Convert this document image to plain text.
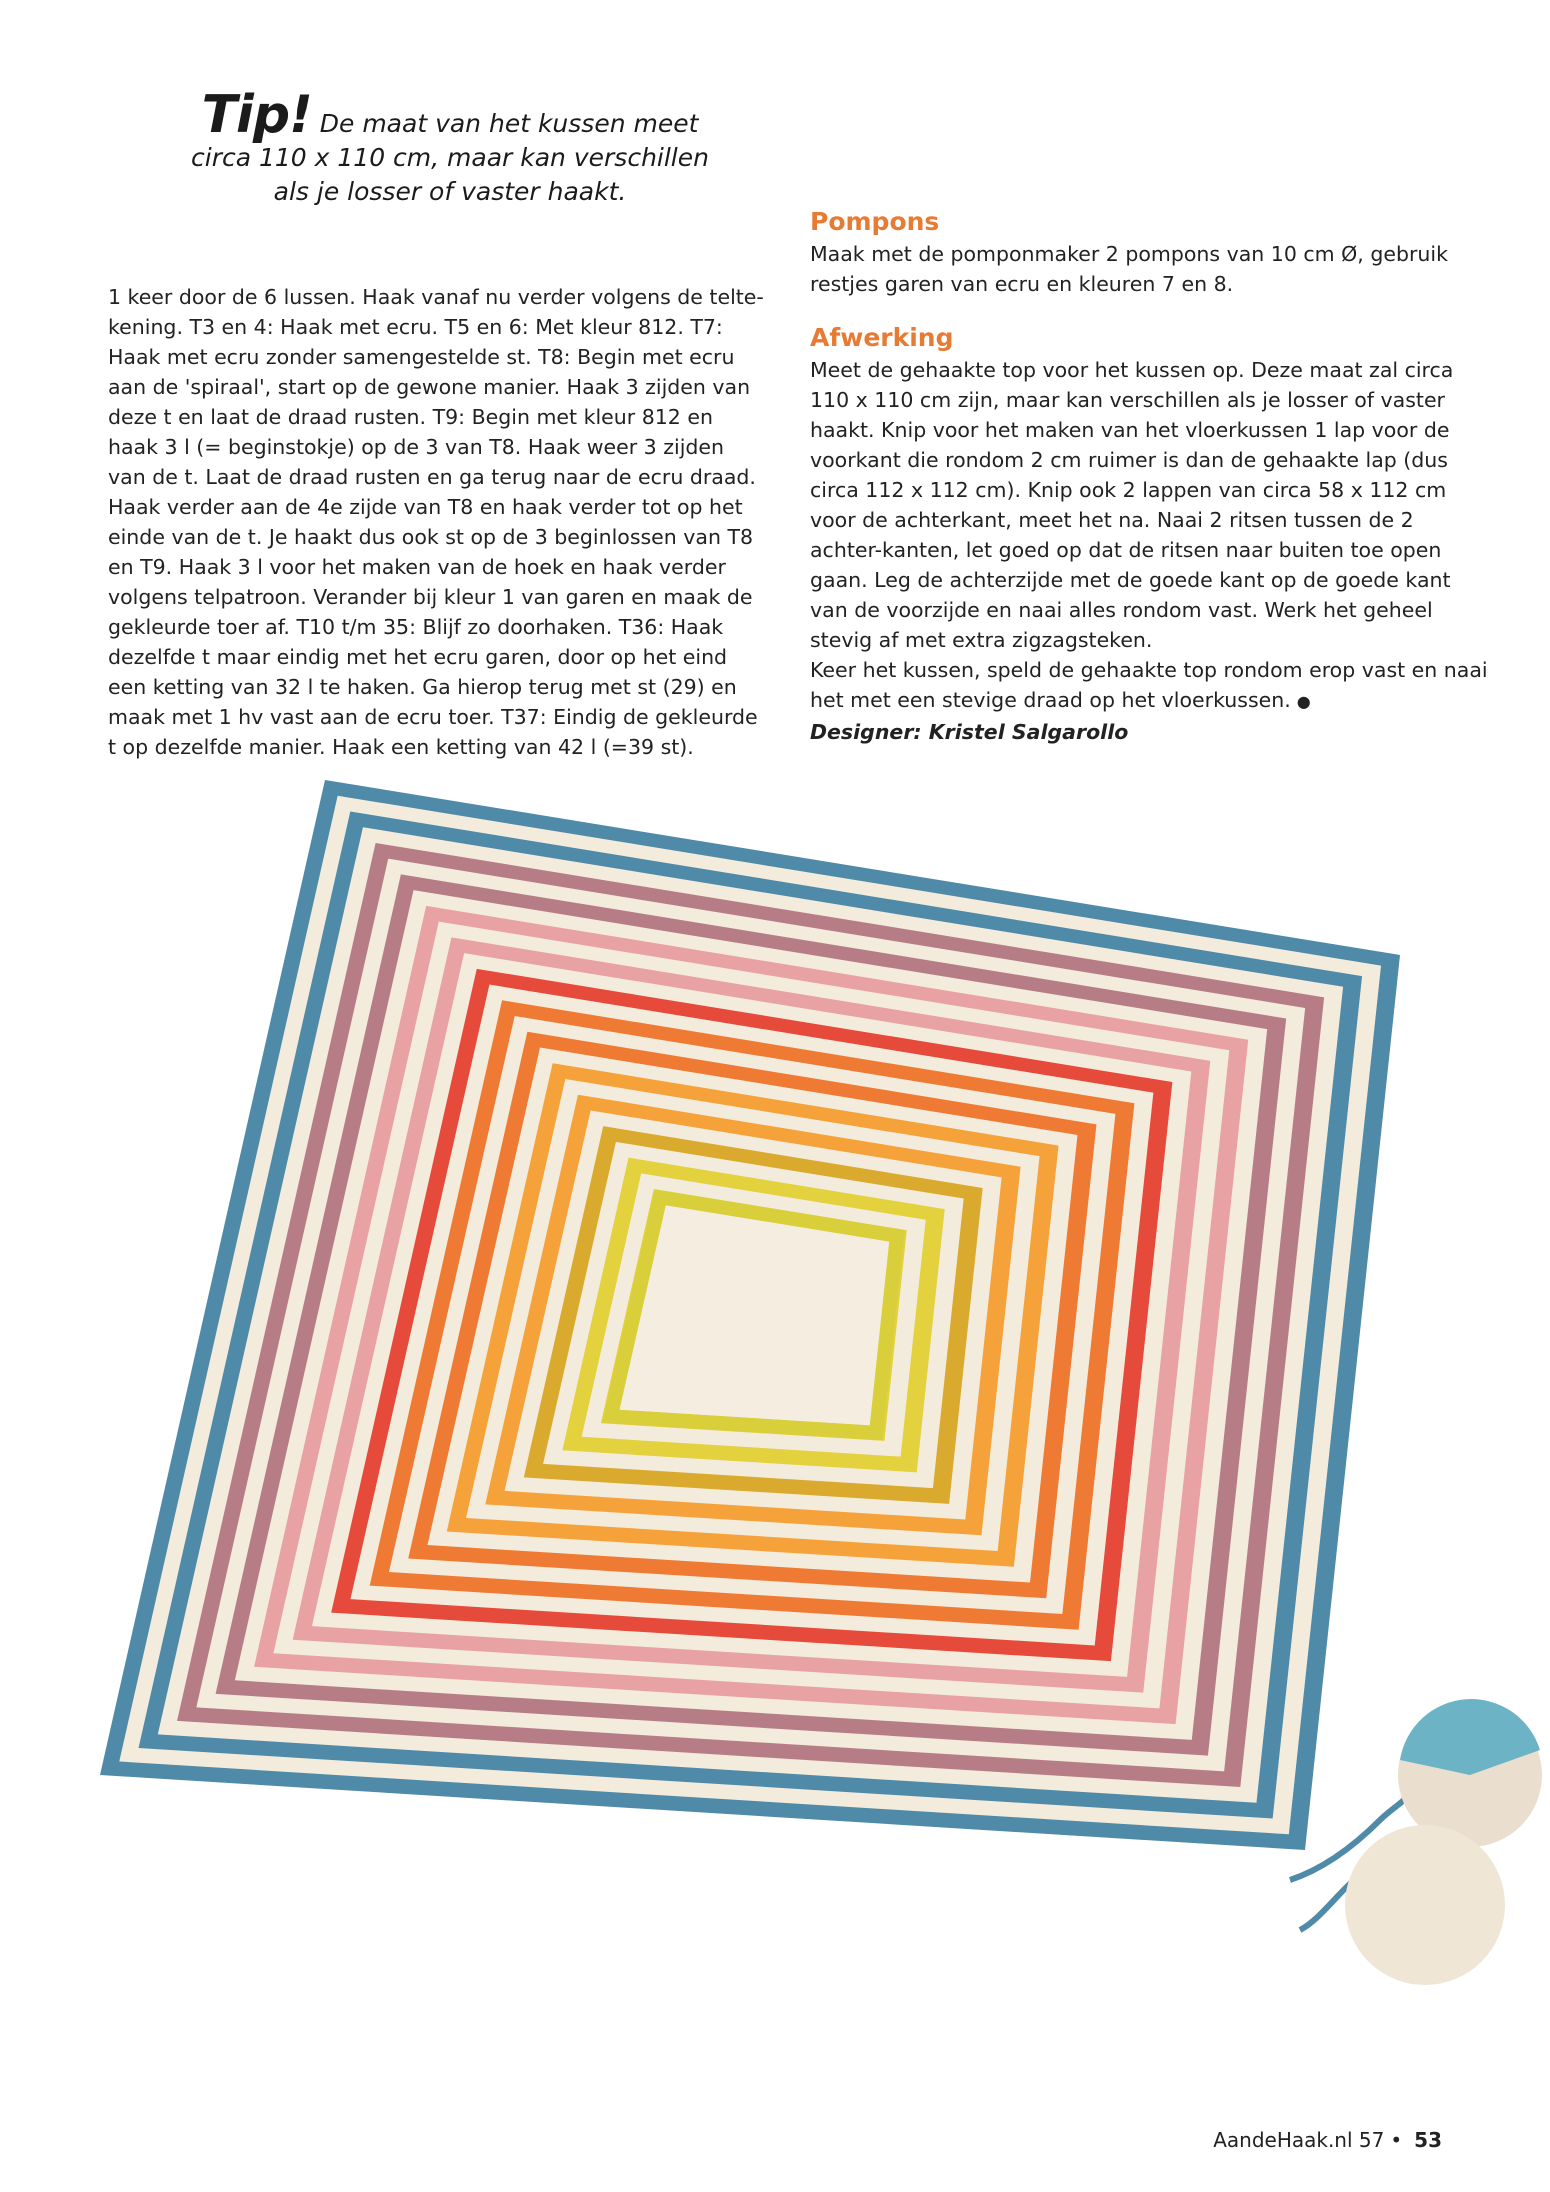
Tip! De maat van het kussen meet
circa 110 x 110 cm, maar kan verschillen
als je losser of vaster haakt.

1 keer door de 6 lussen. Haak vanaf nu verder volgens de telte-kening. T3 en 4: Haak met ecru. T5 en 6: Met kleur 812. T7: Haak met ecru zonder samengestelde st. T8: Begin met ecru aan de 'spiraal', start op de gewone manier. Haak 3 zijden van deze t en laat de draad rusten. T9: Begin met kleur 812 en haak 3 l (= beginstokje) op de 3 van T8. Haak weer 3 zijden van de t. Laat de draad rusten en ga terug naar de ecru draad. Haak verder aan de 4e zijde van T8 en haak verder tot op het einde van de t. Je haakt dus ook st op de 3 beginlossen van T8 en T9. Haak 3 l voor het maken van de hoek en haak verder volgens telpatroon. Verander bij kleur 1 van garen en maak de gekleurde toer af. T10 t/m 35: Blijf zo doorhaken. T36: Haak dezelfde t maar eindig met het ecru garen, door op het eind een ketting van 32 l te haken. Ga hierop terug met st (29) en maak met 1 hv vast aan de ecru toer. T37: Eindig de gekleurde t op dezelfde manier. Haak een ketting van 42 l (=39 st).

Pompons

Maak met de pomponmaker 2 pompons van 10 cm Ø, gebruik restjes garen van ecru en kleuren 7 en 8.

Afwerking

Meet de gehaakte top voor het kussen op. Deze maat zal circa 110 x 110 cm zijn, maar kan verschillen als je losser of vaster haakt. Knip voor het maken van het vloerkussen 1 lap voor de voorkant die rondom 2 cm ruimer is dan de gehaakte lap (dus circa 112 x 112 cm). Knip ook 2 lappen van circa 58 x 112 cm voor de achterkant, meet het na. Naai 2 ritsen tussen de 2 achter-kanten, let goed op dat de ritsen naar buiten toe open gaan. Leg de achterzijde met de goede kant op de goede kant van de voorzijde en naai alles rondom vast. Werk het geheel stevig af met extra zigzagsteken.

Keer het kussen, speld de gehaakte top rondom erop vast en naai het met een stevige draad op het vloerkussen. ●

Designer: Kristel Salgarollo

AandeHaak.nl 57 • 53
